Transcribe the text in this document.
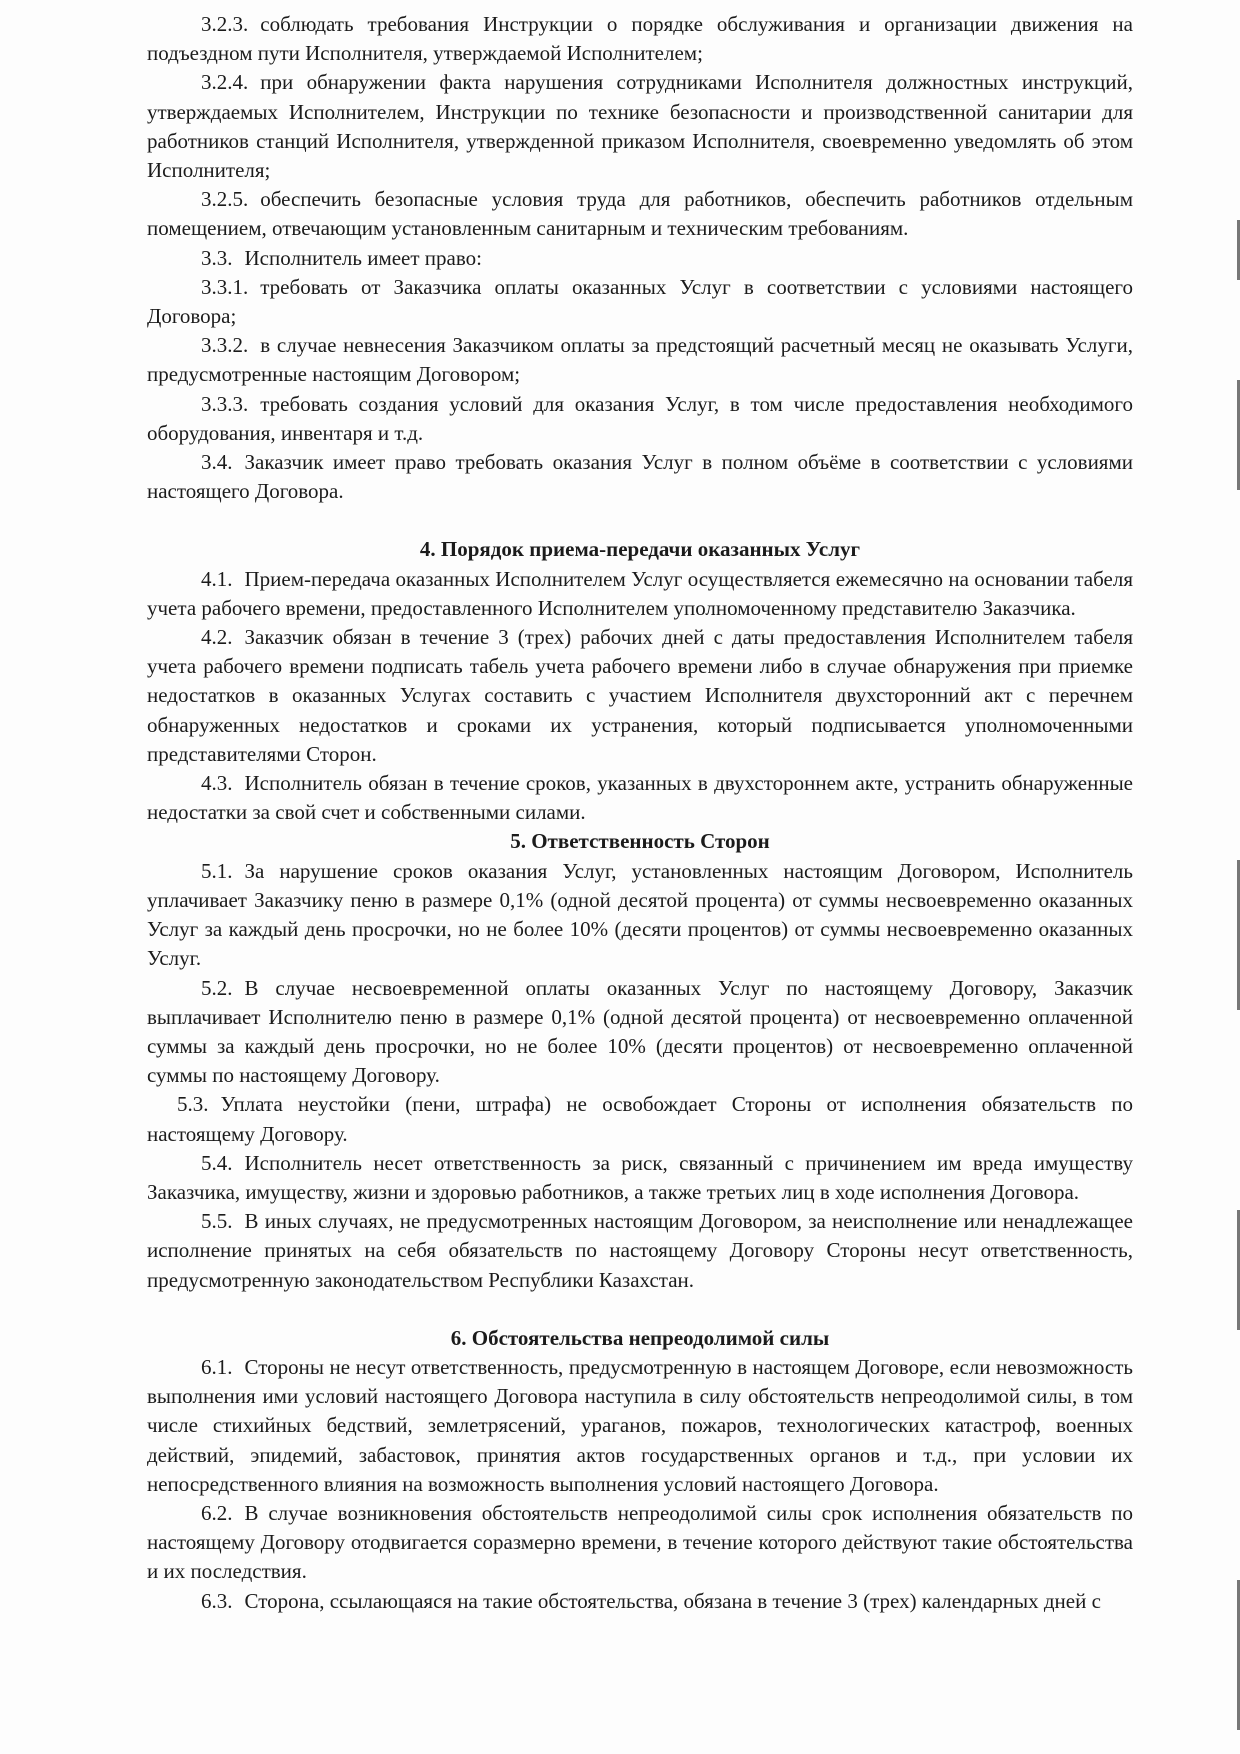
3.2.3. соблюдать требования Инструкции о порядке обслуживания и организации движения на подъездном пути Исполнителя, утверждаемой Исполнителем;

3.2.4. при обнаружении факта нарушения сотрудниками Исполнителя должностных инструкций, утверждаемых Исполнителем, Инструкции по технике безопасности и производственной санитарии для работников станций Исполнителя, утвержденной приказом Исполнителя, своевременно уведомлять об этом Исполнителя;

3.2.5. обеспечить безопасные условия труда для работников, обеспечить работников отдельным помещением, отвечающим установленным санитарным и техническим требованиям.

3.3. Исполнитель имеет право:

3.3.1. требовать от Заказчика оплаты оказанных Услуг в соответствии с условиями настоящего Договора;

3.3.2. в случае невнесения Заказчиком оплаты за предстоящий расчетный месяц не оказывать Услуги, предусмотренные настоящим Договором;

3.3.3. требовать создания условий для оказания Услуг, в том числе предоставления необходимого оборудования, инвентаря и т.д.

3.4. Заказчик имеет право требовать оказания Услуг в полном объёме в соответствии с условиями настоящего Договора.

4. Порядок приема-передачи оказанных Услуг

4.1. Прием-передача оказанных Исполнителем Услуг осуществляется ежемесячно на основании табеля учета рабочего времени, предоставленного Исполнителем уполномоченному представителю Заказчика.

4.2. Заказчик обязан в течение 3 (трех) рабочих дней с даты предоставления Исполнителем табеля учета рабочего времени подписать табель учета рабочего времени либо в случае обнаружения при приемке недостатков в оказанных Услугах составить с участием Исполнителя двухсторонний акт с перечнем обнаруженных недостатков и сроками их устранения, который подписывается уполномоченными представителями Сторон.

4.3. Исполнитель обязан в течение сроков, указанных в двухстороннем акте, устранить обнаруженные недостатки за свой счет и собственными силами.

5. Ответственность Сторон

5.1. За нарушение сроков оказания Услуг, установленных настоящим Договором, Исполнитель уплачивает Заказчику пеню в размере 0,1% (одной десятой процента) от суммы несвоевременно оказанных Услуг за каждый день просрочки, но не более 10% (десяти процентов) от суммы несвоевременно оказанных Услуг.

5.2. В случае несвоевременной оплаты оказанных Услуг по настоящему Договору, Заказчик выплачивает Исполнителю пеню в размере 0,1% (одной десятой процента) от несвоевременно оплаченной суммы за каждый день просрочки, но не более 10% (десяти процентов) от несвоевременно оплаченной суммы по настоящему Договору.

5.3. Уплата неустойки (пени, штрафа) не освобождает Стороны от исполнения обязательств по настоящему Договору.

5.4. Исполнитель несет ответственность за риск, связанный с причинением им вреда имуществу Заказчика, имуществу, жизни и здоровью работников, а также третьих лиц в ходе исполнения Договора.

5.5. В иных случаях, не предусмотренных настоящим Договором, за неисполнение или ненадлежащее исполнение принятых на себя обязательств по настоящему Договору Стороны несут ответственность, предусмотренную законодательством Республики Казахстан.

6. Обстоятельства непреодолимой силы

6.1. Стороны не несут ответственность, предусмотренную в настоящем Договоре, если невозможность выполнения ими условий настоящего Договора наступила в силу обстоятельств непреодолимой силы, в том числе стихийных бедствий, землетрясений, ураганов, пожаров, технологических катастроф, военных действий, эпидемий, забастовок, принятия актов государственных органов и т.д., при условии их непосредственного влияния на возможность выполнения условий настоящего Договора.

6.2. В случае возникновения обстоятельств непреодолимой силы срок исполнения обязательств по настоящему Договору отодвигается соразмерно времени, в течение которого действуют такие обстоятельства и их последствия.

6.3. Сторона, ссылающаяся на такие обстоятельства, обязана в течение 3 (трех) календарных дней с
